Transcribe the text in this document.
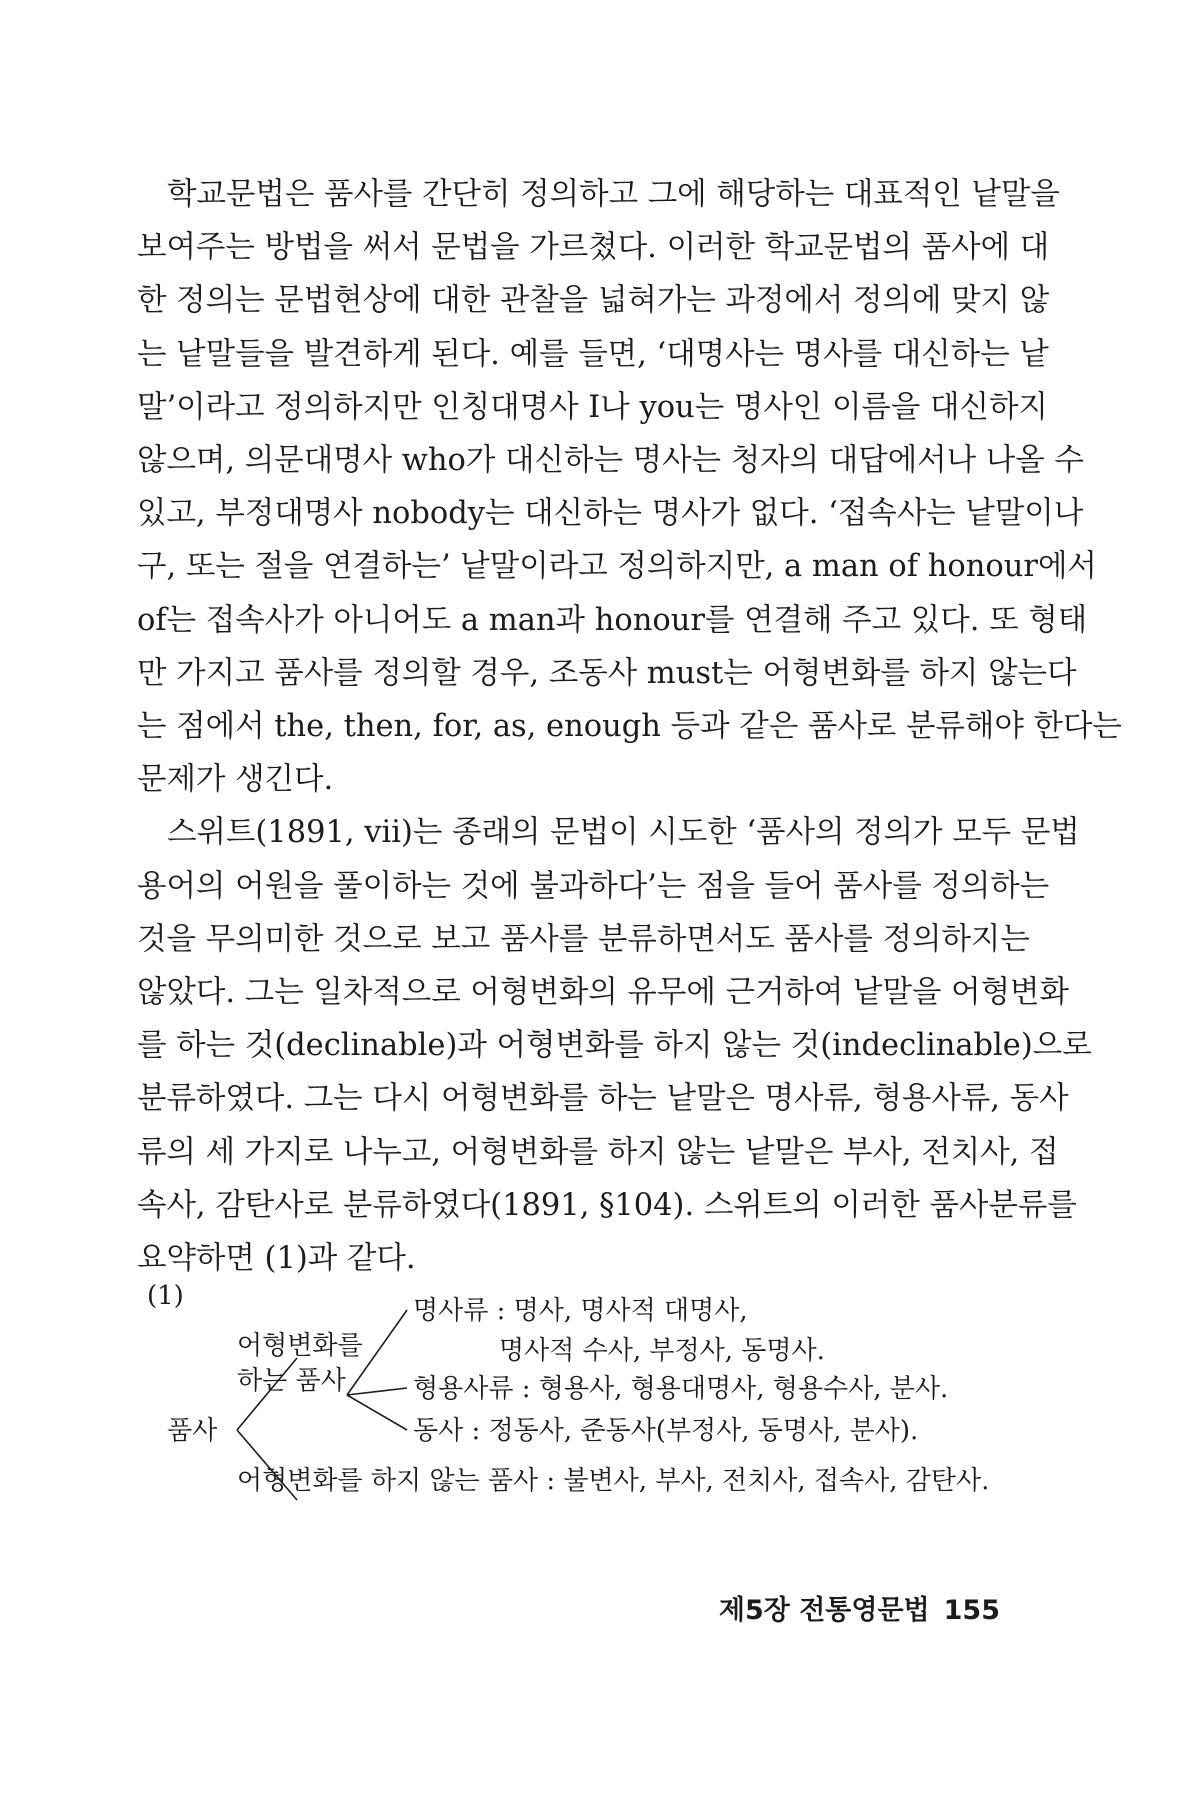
학교문법은 품사를 간단히 정의하고 그에 해당하는 대표적인 낱말을

보여주는 방법을 써서 문법을 가르쳤다. 이러한 학교문법의 품사에 대

한 정의는 문법현상에 대한 관찰을 넓혀가는 과정에서 정의에 맞지 않

는 낱말들을 발견하게 된다. 예를 들면, ‘대명사는 명사를 대신하는 낱

말’이라고 정의하지만 인칭대명사 I나 you는 명사인 이름을 대신하지

않으며, 의문대명사 who가 대신하는 명사는 청자의 대답에서나 나올 수

있고, 부정대명사 nobody는 대신하는 명사가 없다. ‘접속사는 낱말이나

구, 또는 절을 연결하는’ 낱말이라고 정의하지만, a man of honour에서

of는 접속사가 아니어도 a man과 honour를 연결해 주고 있다. 또 형태

만 가지고 품사를 정의할 경우, 조동사 must는 어형변화를 하지 않는다

는 점에서 the, then, for, as, enough 등과 같은 품사로 분류해야 한다는

문제가 생긴다.

스위트(1891, vii)는 종래의 문법이 시도한 ‘품사의 정의가 모두 문법

용어의 어원을 풀이하는 것에 불과하다’는 점을 들어 품사를 정의하는

것을 무의미한 것으로 보고 품사를 분류하면서도 품사를 정의하지는

않았다. 그는 일차적으로 어형변화의 유무에 근거하여 낱말을 어형변화

를 하는 것(declinable)과 어형변화를 하지 않는 것(indeclinable)으로

분류하였다. 그는 다시 어형변화를 하는 낱말은 명사류, 형용사류, 동사

류의 세 가지로 나누고, 어형변화를 하지 않는 낱말은 부사, 전치사, 접

속사, 감탄사로 분류하였다(1891, §104). 스위트의 이러한 품사분류를

요약하면 (1)과 같다.

(1)
품사
어형변화를
하는 품사
명사류 : 명사, 명사적 대명사,
명사적 수사, 부정사, 동명사.
형용사류 : 형용사, 형용대명사, 형용수사, 분사.
동사 : 정동사, 준동사(부정사, 동명사, 분사).
어형변화를 하지 않는 품사 : 불변사, 부사, 전치사, 접속사, 감탄사.
제5장 전통영문법 155
